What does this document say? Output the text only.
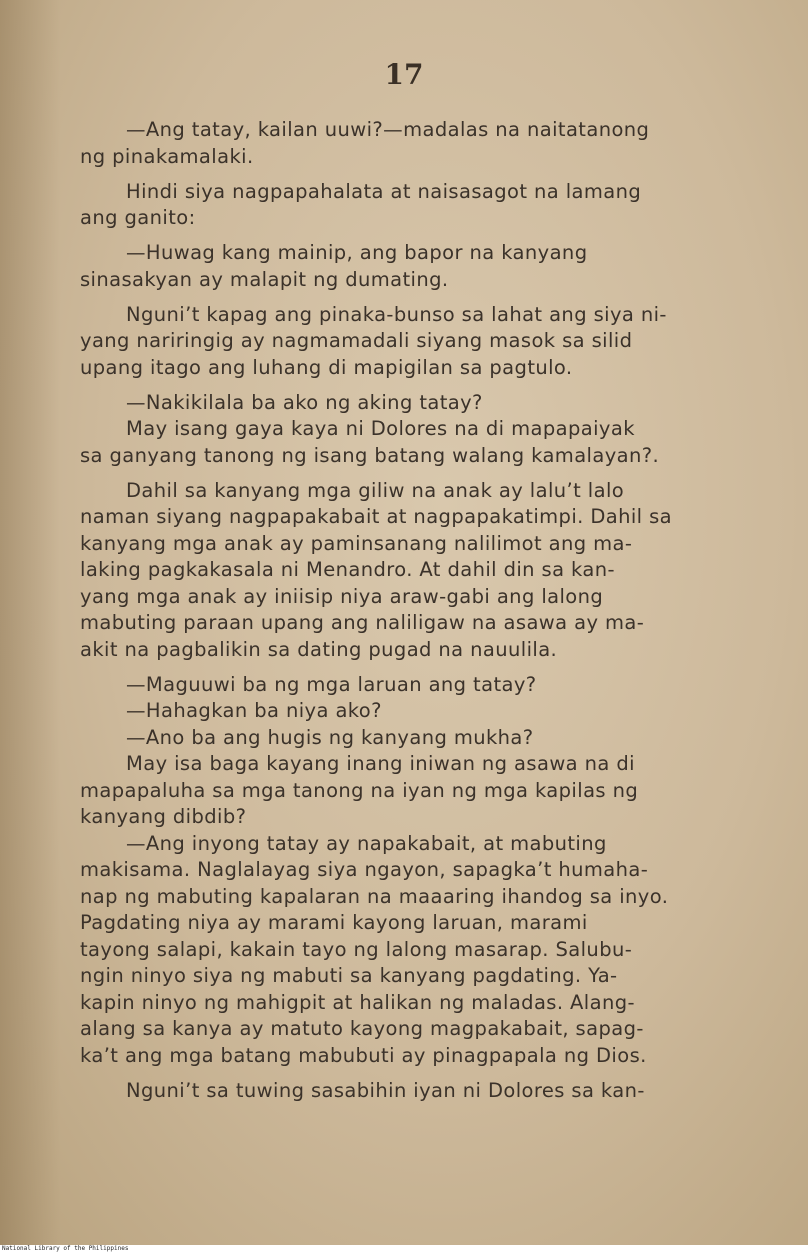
17
—Ang tatay, kailan uuwi?—madalas na naitatanong
ng pinakamalaki.
Hindi siya nagpapahalata at naisasagot na lamang
ang ganito:
—Huwag kang mainip, ang bapor na kanyang
sinasakyan ay malapit ng dumating.
Nguni’t kapag ang pinaka-bunso sa lahat ang siya ni-
yang nariringig ay nagmamadali siyang masok sa silid
upang itago ang luhang di mapigilan sa pagtulo.
—Nakikilala ba ako ng aking tatay?
May isang gaya kaya ni Dolores na di mapapaiyak
sa ganyang tanong ng isang batang walang kamalayan?.
Dahil sa kanyang mga giliw na anak ay lalu’t lalo
naman siyang nagpapakabait at nagpapakatimpi. Dahil sa
kanyang mga anak ay paminsanang nalilimot ang ma-
laking pagkakasala ni Menandro. At dahil din sa kan-
yang mga anak ay iniisip niya araw-gabi ang lalong
mabuting paraan upang ang naliligaw na asawa ay ma-
akit na pagbalikin sa dating pugad na nauulila.
—Maguuwi ba ng mga laruan ang tatay?
—Hahagkan ba niya ako?
—Ano ba ang hugis ng kanyang mukha?
May isa baga kayang inang iniwan ng asawa na di
mapapaluha sa mga tanong na iyan ng mga kapilas ng
kanyang dibdib?
—Ang inyong tatay ay napakabait, at mabuting
makisama. Naglalayag siya ngayon, sapagka’t humaha-
nap ng mabuting kapalaran na maaaring ihandog sa inyo.
Pagdating niya ay marami kayong laruan, marami
tayong salapi, kakain tayo ng lalong masarap. Salubu-
ngin ninyo siya ng mabuti sa kanyang pagdating. Ya-
kapin ninyo ng mahigpit at halikan ng maladas. Alang-
alang sa kanya ay matuto kayong magpakabait, sapag-
ka’t ang mga batang mabubuti ay pinagpapala ng Dios.
Nguni’t sa tuwing sasabihin iyan ni Dolores sa kan-
National Library of the Philippines
